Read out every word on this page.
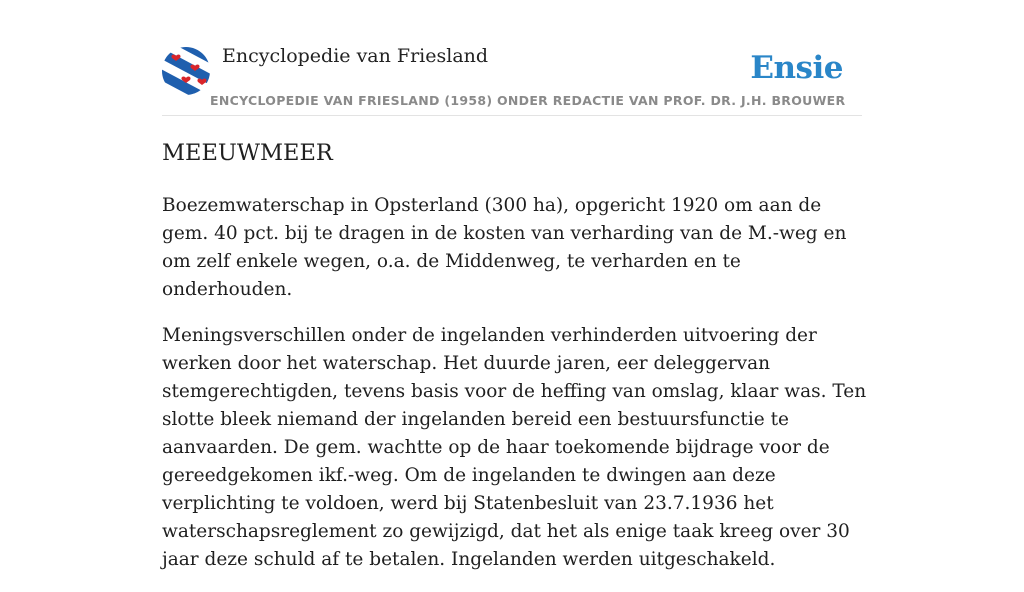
Encyclopedie van Friesland	Ensie
ENCYCLOPEDIE VAN FRIESLAND (1958) ONDER REDACTIE VAN PROF. DR. J.H. BROUWER
MEEUWMEER

Boezemwaterschap in Opsterland (300 ha), opgericht 1920 om aan de gem. 40 pct. bij te dragen in de kosten van verharding van de M.-weg en om zelf enkele wegen, o.a. de Middenweg, te verharden en te onderhouden.

Meningsverschillen onder de ingelanden verhinderden uitvoering der werken door het waterschap. Het duurde jaren, eer deleggervan stemgerechtigden, tevens basis voor de heffing van omslag, klaar was. Ten slotte bleek niemand der ingelanden bereid een bestuursfunctie te aanvaarden. De gem. wachtte op de haar toekomende bijdrage voor de gereedgekomen ikf.-weg. Om de ingelanden te dwingen aan deze verplichting te voldoen, werd bij Statenbesluit van 23.7.1936 het waterschapsreglement zo gewijzigd, dat het als enige taak kreeg over 30 jaar deze schuld af te betalen. Ingelanden werden uitgeschakeld.
